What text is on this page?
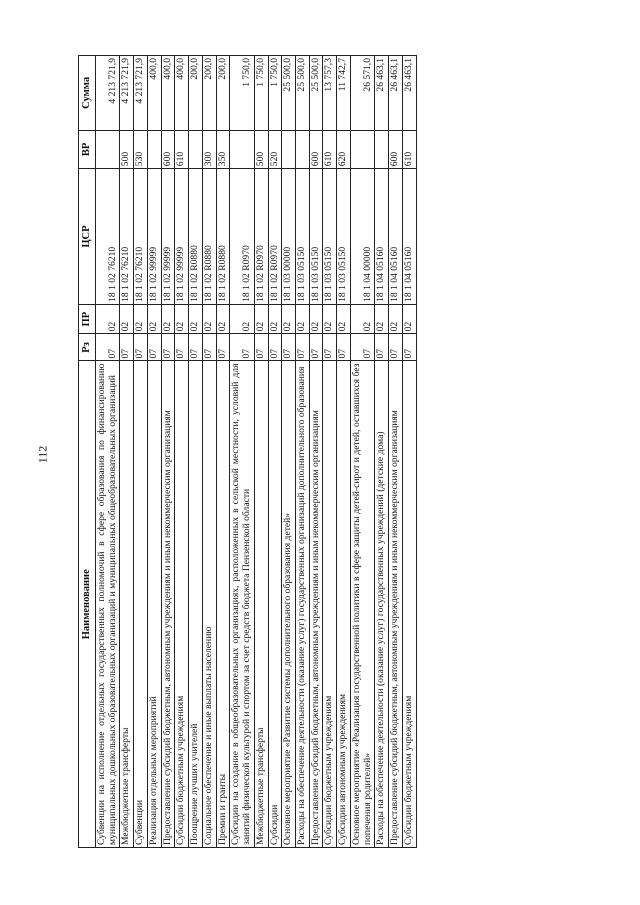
112
Наименование	Рз	ПР	ЦСР	ВР	Сумма
Субвенции на исполнение отдельных государственных полномочий в сфере образования по финансированию муниципальных дошкольных образовательных организаций и муниципальных общеобразовательных организаций	07	02	18 1 02 76210		4 213 721,9
Межбюджетные трансферты	07	02	18 1 02 76210	500	4 213 721,9
Субвенции	07	02	18 1 02 76210	530	4 213 721,9
Реализация отдельных мероприятий	07	02	18 1 02 99999		400,0
Предоставление субсидий бюджетным, автономным учреждениям и иным некоммерческим организациям	07	02	18 1 02 99999	600	400,0
Субсидии бюджетным учреждениям	07	02	18 1 02 99999	610	400,0
Поощрение лучших учителей	07	02	18 1 02 R0880		200,0
Социальное обеспечение и иные выплаты населению	07	02	18 1 02 R0880	300	200,0
Премии и гранты	07	02	18 1 02 R0880	350	200,0
Субсидии на создание в общеобразовательных организациях, расположенных в сельской местности, условий для занятий физической культурой и спортом за счет средств бюджета Пензенской области	07	02	18 1 02 R0970		1 750,0
Межбюджетные трансферты	07	02	18 1 02 R0970	500	1 750,0
Субсидии	07	02	18 1 02 R0970	520	1 750,0
Основное мероприятие «Развитие системы дополнительного образования детей»	07	02	18 1 03 00000		25 500,0
Расходы на обеспечение деятельности (оказание услуг) государственных организаций дополнительного образования	07	02	18 1 03 05150		25 500,0
Предоставление субсидий бюджетным, автономным учреждениям и иным некоммерческим организациям	07	02	18 1 03 05150	600	25 500,0
Субсидии бюджетным учреждениям	07	02	18 1 03 05150	610	13 757,3
Субсидии автономным учреждениям	07	02	18 1 03 05150	620	11 742,7
Основное мероприятие «Реализация государственной политики в сфере защиты детей-сирот и детей, оставшихся без попечения родителей»	07	02	18 1 04 00000		26 571,0
Расходы на обеспечение деятельности (оказание услуг) государственных учреждений (детские дома)	07	02	18 1 04 05160		26 463,1
Предоставление субсидий бюджетным, автономным учреждениям и иным некоммерческим организациям	07	02	18 1 04 05160	600	26 463,1
Субсидии бюджетным учреждениям	07	02	18 1 04 05160	610	26 463,1
